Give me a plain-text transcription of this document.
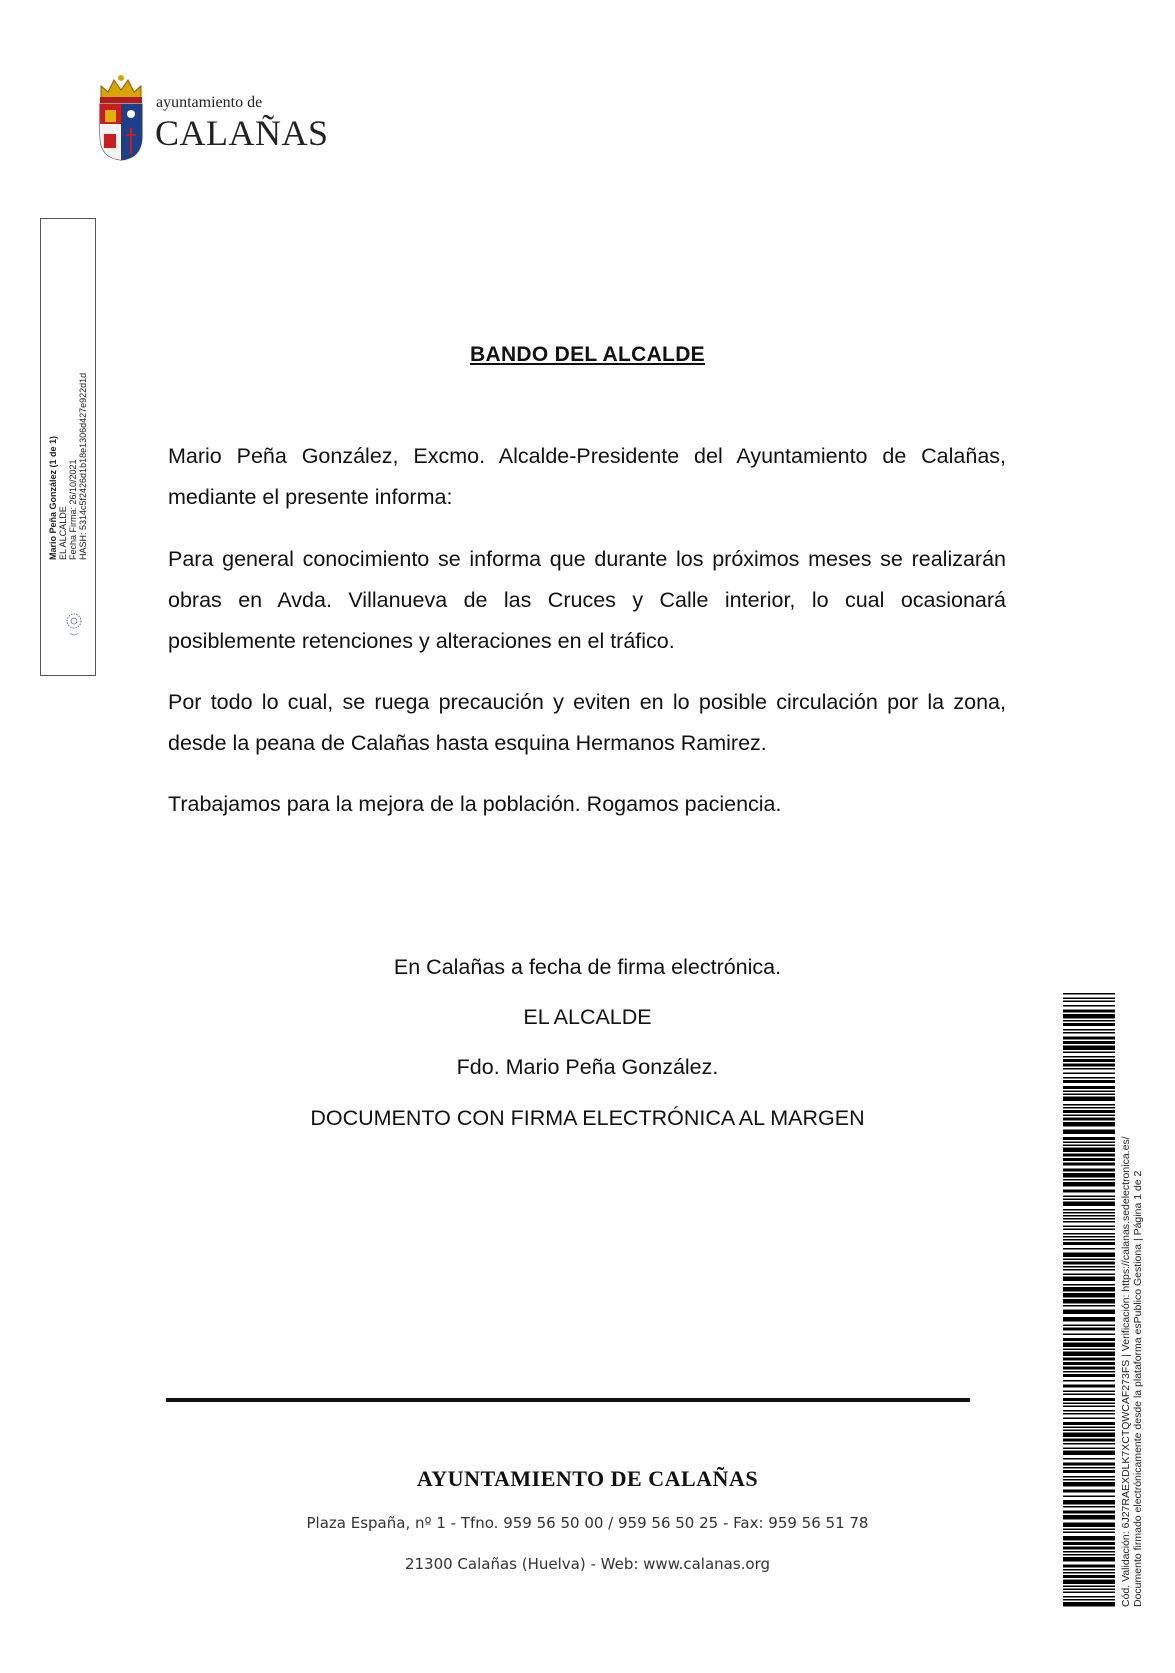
ayuntamiento de
CALAÑAS
Mario Peña González (1 de 1) EL ALCALDE Fecha Firma: 26/10/2021 HASH: 5314c5f2426d1b18e1306d427e922d1d
BANDO DEL ALCALDE
Mario Peña González, Excmo. Alcalde-Presidente del Ayuntamiento de Calañas, mediante el presente informa:
Para general conocimiento se informa que durante los próximos meses se realizarán obras en Avda. Villanueva de las Cruces y Calle interior, lo cual ocasionará posiblemente retenciones y alteraciones en el tráfico.
Por todo lo cual, se ruega precaución y eviten en lo posible circulación por la zona, desde la peana de Calañas hasta esquina Hermanos Ramirez.
Trabajamos para la mejora de la población. Rogamos paciencia.
En Calañas a fecha de firma electrónica.
EL ALCALDE
Fdo. Mario Peña González.
DOCUMENTO CON FIRMA ELECTRÓNICA AL MARGEN
AYUNTAMIENTO DE CALAÑAS
Plaza España, nº 1 - Tfno. 959 56 50 00 / 959 56 50 25 - Fax: 959 56 51 78
21300 Calañas (Huelva) - Web: www.calanas.org	Cód. Validación: 6J27RAEXDLK7XCTQWCAF273FS | Verificación: https://calanas.sedelectronica.es/ Documento firmado electrónicamente desde la plataforma esPublico Gestiona | Página 1 de 2
